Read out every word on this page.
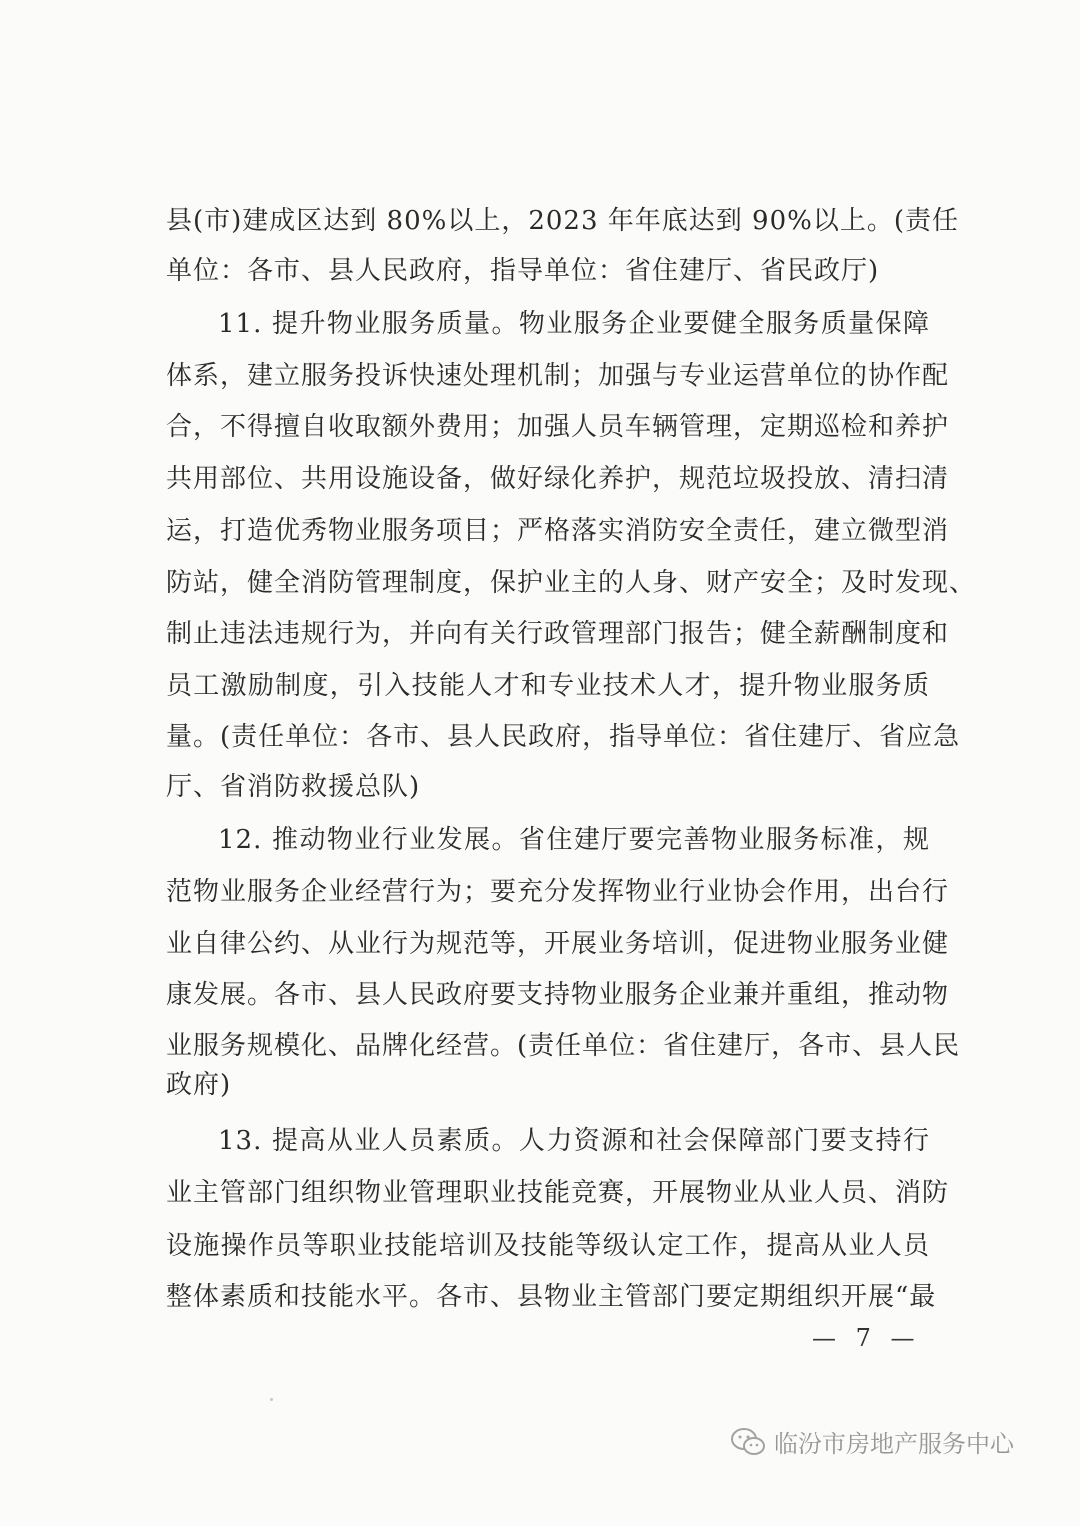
县(市)建成区达到 80%以上，2023 年年底达到 90%以上。(责任
单位：各市、县人民政府，指导单位：省住建厅、省民政厅)
11. 提升物业服务质量。物业服务企业要健全服务质量保障
体系，建立服务投诉快速处理机制；加强与专业运营单位的协作配
合，不得擅自收取额外费用；加强人员车辆管理，定期巡检和养护
共用部位、共用设施设备，做好绿化养护，规范垃圾投放、清扫清
运，打造优秀物业服务项目；严格落实消防安全责任，建立微型消
防站，健全消防管理制度，保护业主的人身、财产安全；及时发现、
制止违法违规行为，并向有关行政管理部门报告；健全薪酬制度和
员工激励制度，引入技能人才和专业技术人才，提升物业服务质
量。(责任单位：各市、县人民政府，指导单位：省住建厅、省应急
厅、省消防救援总队)
12. 推动物业行业发展。省住建厅要完善物业服务标准，规
范物业服务企业经营行为；要充分发挥物业行业协会作用，出台行
业自律公约、从业行为规范等，开展业务培训，促进物业服务业健
康发展。各市、县人民政府要支持物业服务企业兼并重组，推动物
业服务规模化、品牌化经营。(责任单位：省住建厅，各市、县人民
政府)
13. 提高从业人员素质。人力资源和社会保障部门要支持行
业主管部门组织物业管理职业技能竞赛，开展物业从业人员、消防
设施操作员等职业技能培训及技能等级认定工作，提高从业人员
整体素质和技能水平。各市、县物业主管部门要定期组织开展“最
— 7 —
临汾市房地产服务中心
